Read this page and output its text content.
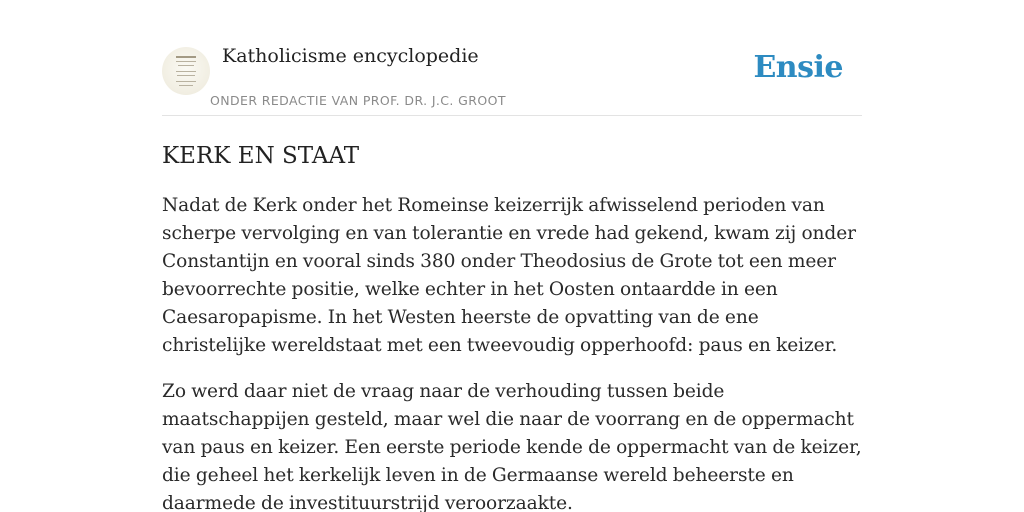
Katholicisme encyclopedie
ONDER REDACTIE VAN PROF. DR. J.C. GROOT
Ensie
KERK EN STAAT

Nadat de Kerk onder het Romeinse keizerrijk afwisselend perioden van scherpe vervolging en van tolerantie en vrede had gekend, kwam zij onder Constantijn en vooral sinds 380 onder Theodosius de Grote tot een meer bevoorrechte positie, welke echter in het Oosten ontaardde in een Caesaropapisme. In het Westen heerste de opvatting van de ene christelijke wereldstaat met een tweevoudig opperhoofd: paus en keizer.

Zo werd daar niet de vraag naar de verhouding tussen beide maatschappijen gesteld, maar wel die naar de voorrang en de oppermacht van paus en keizer. Een eerste periode kende de oppermacht van de keizer, die geheel het kerkelijk leven in de Germaanse wereld beheerste en daarmede de investituurstrijd veroorzaakte.
